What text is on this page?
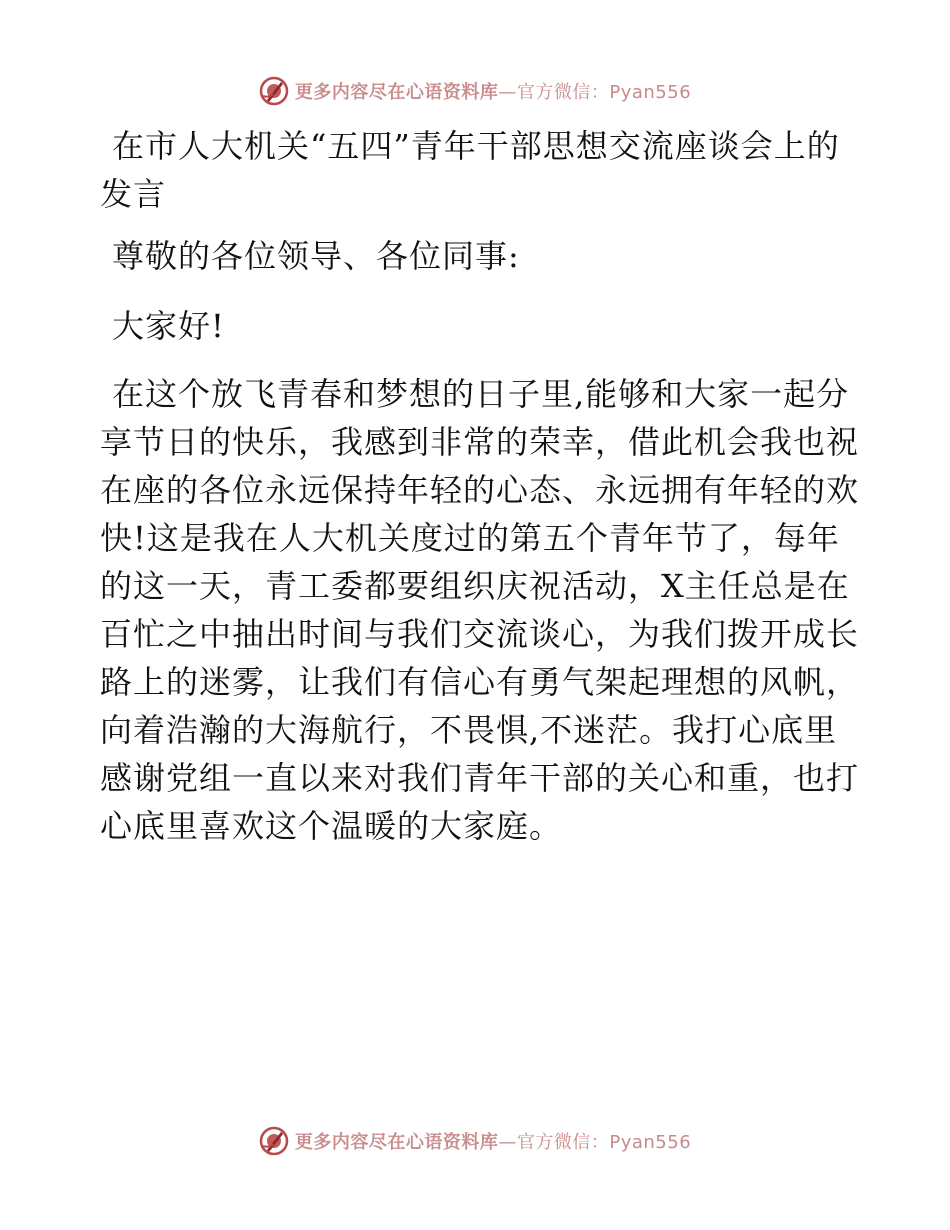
更多内容尽在心语资料库 —官方微信：Pyan556

在市人大机关“五四”青年干部思想交流座谈会上的发言

尊敬的各位领导、各位同事:

大家好!

在这个放飞青春和梦想的日子里,能够和大家一起分享节日的快乐，我感到非常的荣幸，借此机会我也祝在座的各位永远保持年轻的心态、永远拥有年轻的欢快!这是我在人大机关度过的第五个青年节了，每年的这一天，青工委都要组织庆祝活动，X主任总是在百忙之中抽出时间与我们交流谈心，为我们拨开成长路上的迷雾，让我们有信心有勇气架起理想的风帆，向着浩瀚的大海航行，不畏惧,不迷茫。我打心底里感谢党组一直以来对我们青年干部的关心和重，也打心底里喜欢这个温暖的大家庭。

更多内容尽在心语资料库 —官方微信：Pyan556
